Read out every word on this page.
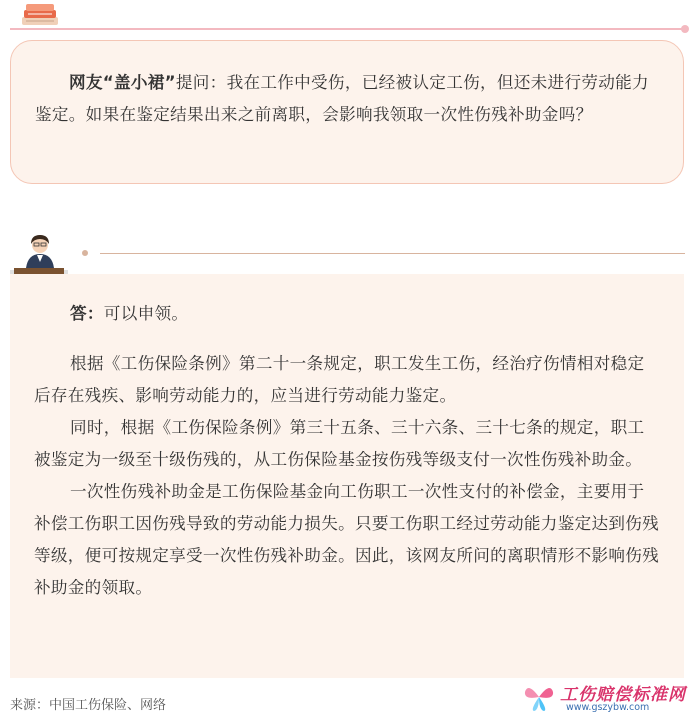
网友“盖小裙”提问：我在工作中受伤，已经被认定工伤，但还未进行劳动能力鉴定。如果在鉴定结果出来之前离职，会影响我领取一次性伤残补助金吗？

答：可以申领。

根据《工伤保险条例》第二十一条规定，职工发生工伤，经治疗伤情相对稳定后存在残疾、影响劳动能力的，应当进行劳动能力鉴定。

同时，根据《工伤保险条例》第三十五条、三十六条、三十七条的规定，职工被鉴定为一级至十级伤残的，从工伤保险基金按伤残等级支付一次性伤残补助金。

一次性伤残补助金是工伤保险基金向工伤职工一次性支付的补偿金，主要用于补偿工伤职工因伤残导致的劳动能力损失。只要工伤职工经过劳动能力鉴定达到伤残等级，便可按规定享受一次性伤残补助金。因此，该网友所问的离职情形不影响伤残补助金的领取。

来源：中国工伤保险、网络
工伤赔偿标准网
www.gszybw.com
